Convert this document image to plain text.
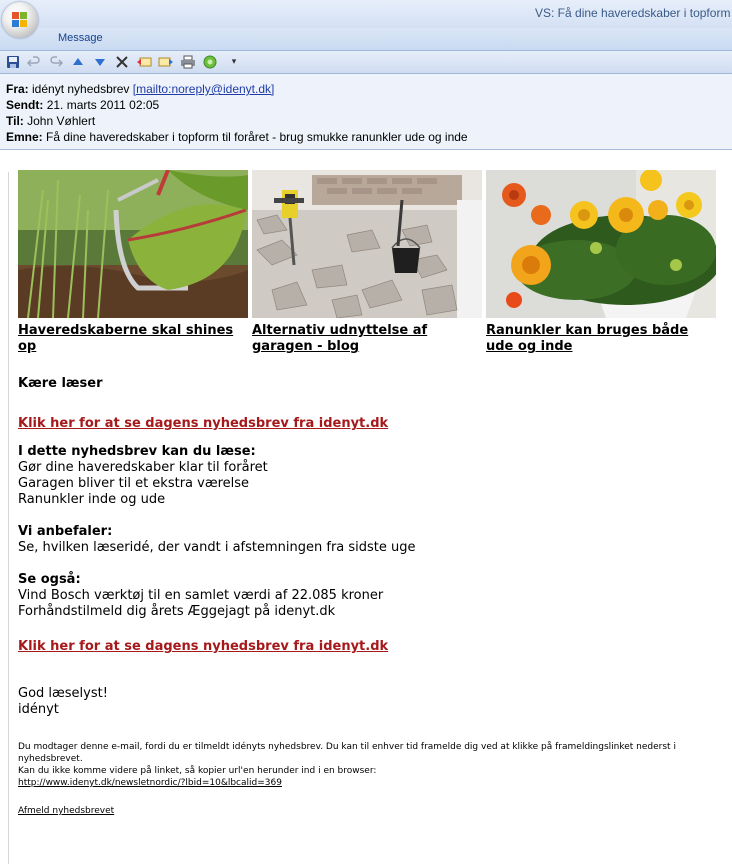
VS: Få dine haveredskaber i topform
Message
▾
Fra: idényt nyhedsbrev [mailto:noreply@idenyt.dk]
Sendt: 21. marts 2011 02:05
Til: John Vøhlert
Emne: Få dine haveredskaber i topform til foråret - brug smukke ranunkler ude og inde
Haveredskaberne skal shines op
Alternativ udnyttelse af garagen - blog
Ranunkler kan bruges både ude og inde
Kære læser
Klik her for at se dagens nyhedsbrev fra idenyt.dk
I dette nyhedsbrev kan du læse:
Gør dine haveredskaber klar til foråret
Garagen bliver til et ekstra værelse
Ranunkler inde og ude
Vi anbefaler:
Se, hvilken læseridé, der vandt i afstemningen fra sidste uge
Se også:
Vind Bosch værktøj til en samlet værdi af 22.085 kroner
Forhåndstilmeld dig årets Æggejagt på idenyt.dk
Klik her for at se dagens nyhedsbrev fra idenyt.dk
God læselyst!
idényt
Du modtager denne e-mail, fordi du er tilmeldt idényts nyhedsbrev. Du kan til enhver tid framelde dig ved at klikke på frameldingslinket nederst i nyhedsbrevet.
Kan du ikke komme videre på linket, så kopier url'en herunder ind i en browser:
http://www.idenyt.dk/newsletnordic/?lbid=10&lbcalid=369
Afmeld nyhedsbrevet
